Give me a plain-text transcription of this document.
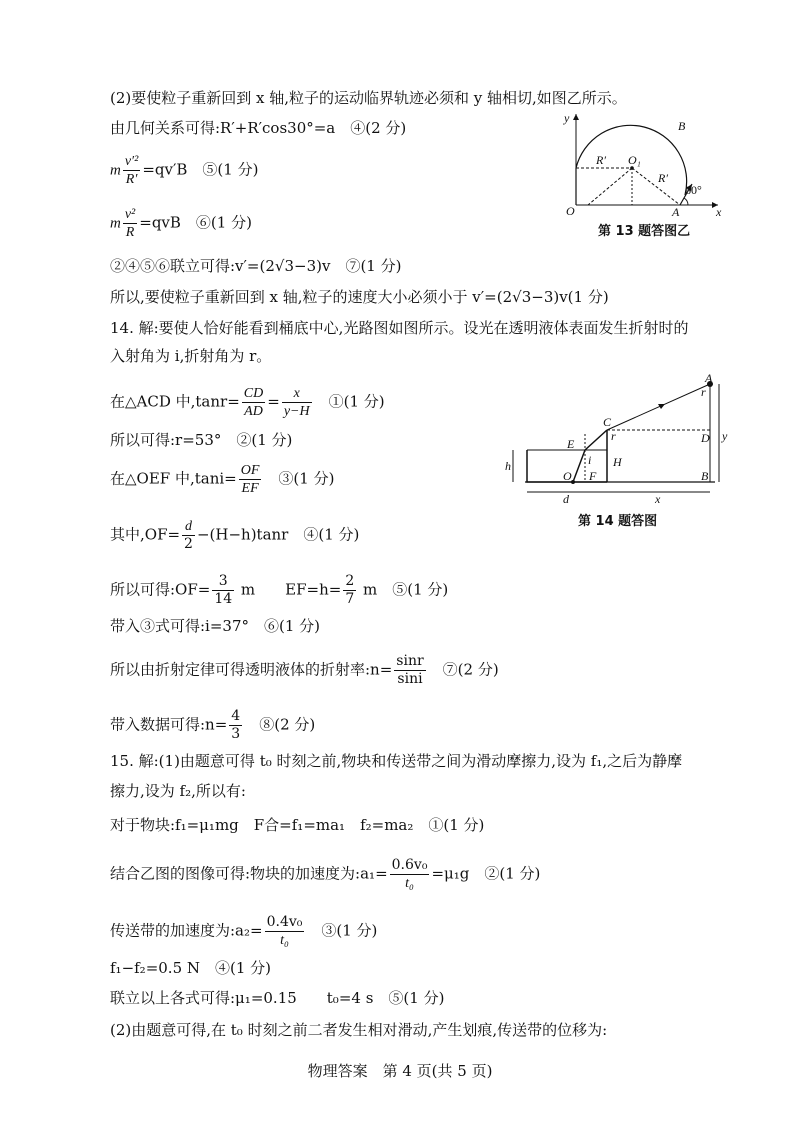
(2)要使粒子重新回到 x 轴,粒子的运动临界轨迹必须和 y 轴相切,如图乙所示。
由几何关系可得:R′+R′cos30°=a　④(2 分)
m $\frac{\text{v′²}}{R'} =qv'B$　⑤(1 分)
m $\frac{\text{v²}}{R} =qvB$　⑥(1 分)
②④⑤⑥联立可得:v′=(2√3−3)v　⑦(1 分)
所以,要使粒子重新回到 x 轴,粒子的速度大小必须小于 v′=(2√3−3)v(1 分)
y
x
O	A
B
O₁
R′
R′
60°
第 13 题答图乙
14. 解:要使人恰好能看到桶底中心,光路图如图所示。设光在透明液体表面发生折射时的
入射角为 i,折射角为 r。
在△ACD 中$,\tan r= \frac{CD}{AD} = \frac{x}{y-H}$ 　①(1 分)
所以可得:r=53°　②(1 分)
在△OEF 中$,\tan i= \frac{OF}{EF}$ 　③(1 分)
其中$,OF= \frac{d}{2} -(H-h)\tan r$　④(1 分)
所以可得:OF= $\frac{3}{14}$ m　　$EF=h= \frac{2}{7}$ m　⑤(1 分)
带入③式可得:i=37°　⑥(1 分)
所以由折射定律可得透明液体的折射率:n= $\frac{\sin r}{\sin i}$ 　⑦(2 分)
带入数据可得:n= $\frac{4}{3}$ 　⑧(2 分)
A
B
C
D
E
F
O
H
h
d	x
y
r
r
i
第 14 题答图
15. 解:(1)由题意可得 t₀ 时刻之前,物块和传送带之间为滑动摩擦力,设为 f₁,之后为静摩
擦力,设为 f₂,所以有:
对于物块:f₁=μ₁mg　F合=f₁=ma₁　f₂=ma₂　①(1 分)
结合乙图的图像可得:物块的加速度为:a₁= $\frac{\text{0.6v₀}}{\text{t₀}} =\mu_1g$　②(1 分)
传送带的加速度为:a₂= $\frac{\text{0.4v₀}}{\text{t₀}}$ 　③(1 分)
f₁−f₂=0.5 N　④(1 分)
联立以上各式可得:μ₁=0.15　　t₀=4 s　⑤(1 分)
(2)由题意可得,在 t₀ 时刻之前二者发生相对滑动,产生划痕,传送带的位移为:
物理答案　第 4 页(共 5 页)
